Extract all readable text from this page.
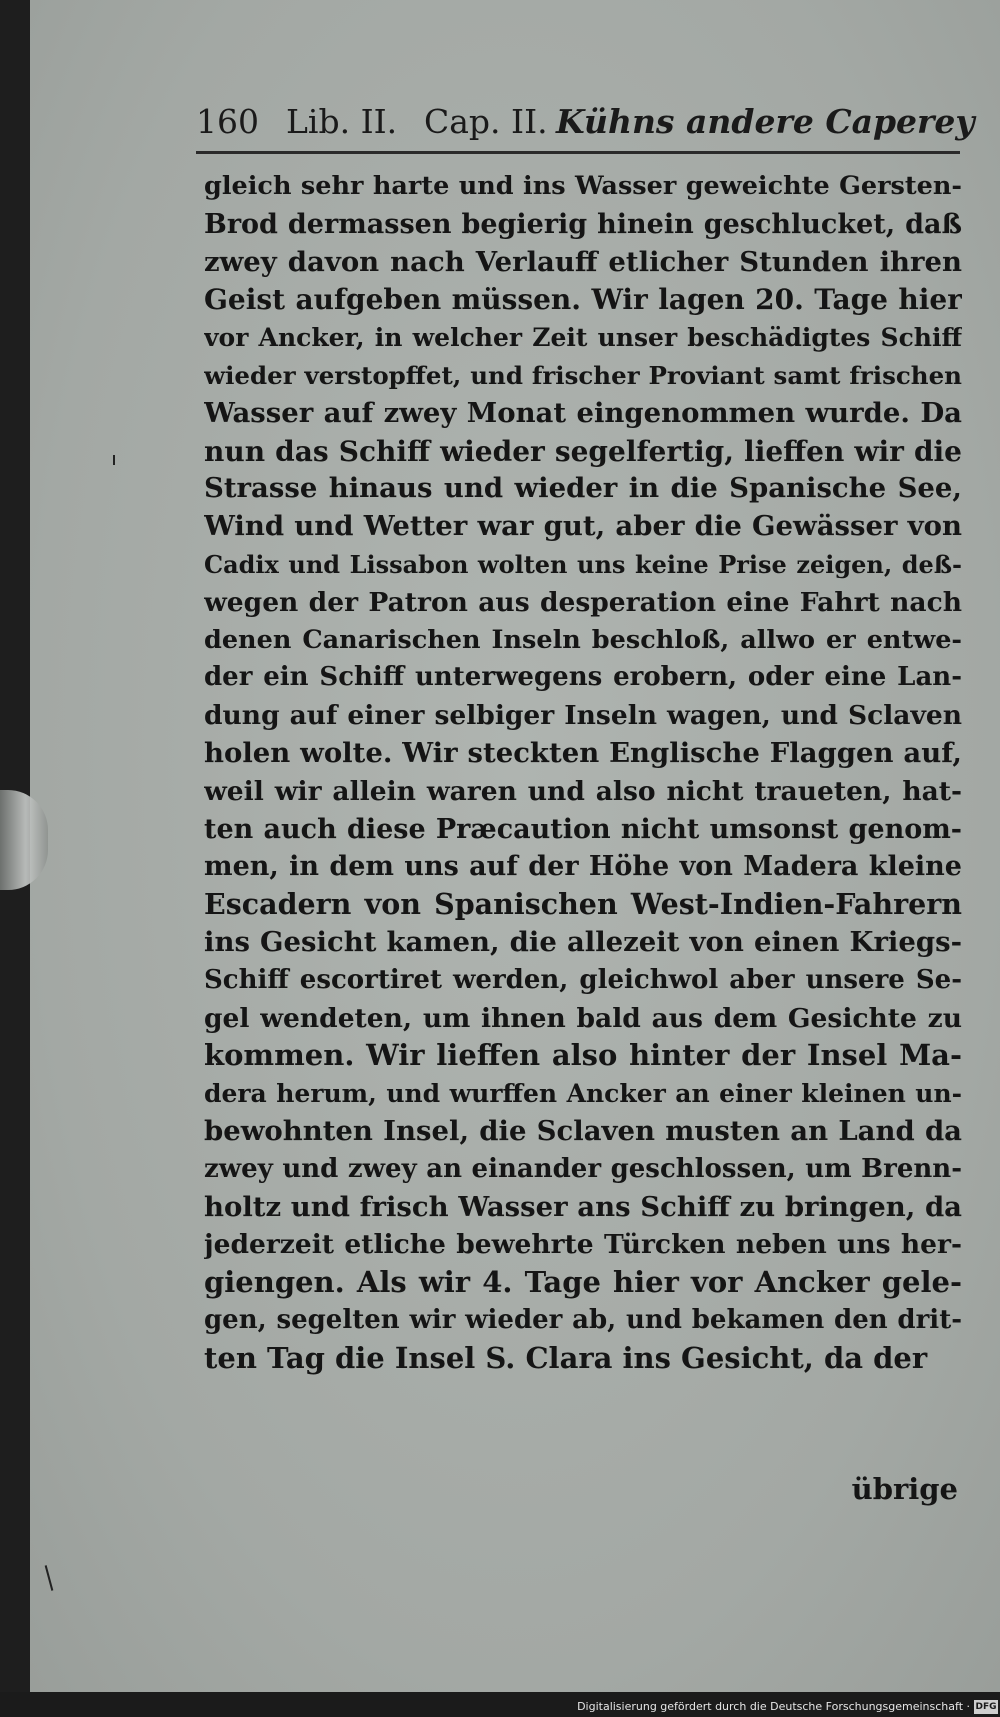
160 Lib. II. Cap. II. Kühns andere Caperey
gleich sehr harte und ins Wasser geweichte Gersten-
Brod dermassen begierig hinein geschlucket, daß
zwey davon nach Verlauff etlicher Stunden ihren
Geist aufgeben müssen. Wir lagen 20. Tage hier
vor Ancker, in welcher Zeit unser beschädigtes Schiff
wieder verstopffet, und frischer Proviant samt frischen
Wasser auf zwey Monat eingenommen wurde. Da
nun das Schiff wieder segelfertig, lieffen wir die
Strasse hinaus und wieder in die Spanische See,
Wind und Wetter war gut, aber die Gewässer von
Cadix und Lissabon wolten uns keine Prise zeigen, deß-
wegen der Patron aus desperation eine Fahrt nach
denen Canarischen Inseln beschloß, allwo er entwe-
der ein Schiff unterwegens erobern, oder eine Lan-
dung auf einer selbiger Inseln wagen, und Sclaven
holen wolte. Wir steckten Englische Flaggen auf,
weil wir allein waren und also nicht traueten, hat-
ten auch diese Præcaution nicht umsonst genom-
men, in dem uns auf der Höhe von Madera kleine
Escadern von Spanischen West-Indien-Fahrern
ins Gesicht kamen, die allezeit von einen Kriegs-
Schiff escortiret werden, gleichwol aber unsere Se-
gel wendeten, um ihnen bald aus dem Gesichte zu
kommen. Wir lieffen also hinter der Insel Ma-
dera herum, und wurffen Ancker an einer kleinen un-
bewohnten Insel, die Sclaven musten an Land da
zwey und zwey an einander geschlossen, um Brenn-
holtz und frisch Wasser ans Schiff zu bringen, da
jederzeit etliche bewehrte Türcken neben uns her-
giengen. Als wir 4. Tage hier vor Ancker gele-
gen, segelten wir wieder ab, und bekamen den drit-
ten Tag die Insel S. Clara ins Gesicht, da der
übrige
Digitalisierung gefördert durch die Deutsche Forschungsgemeinschaft · DFG
